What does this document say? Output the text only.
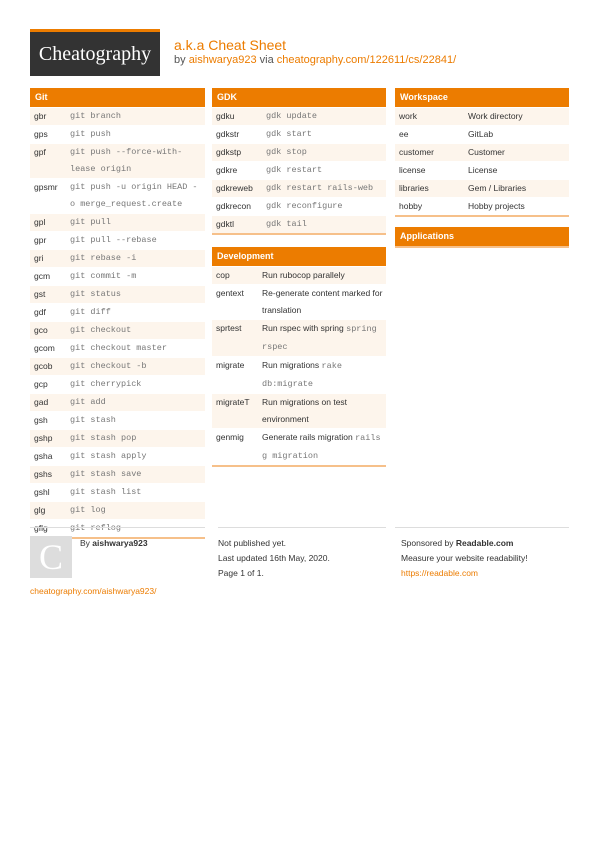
Cheatography	a.k.a Cheat Sheet
by aishwarya923 via cheatography.com/122611/cs/22841/
Git
gbr	git branch
gps	git push
gpf	git push --force-with-lease origin
gpsmr	git push -u origin HEAD -o merge_request.create
gpl	git pull
gpr	git pull --rebase
gri	git rebase -i
gcm	git commit -m
gst	git status
gdf	git diff
gco	git checkout
gcom	git checkout master
gcob	git checkout -b
gcp	git cherrypick
gad	git add
gsh	git stash
gshp	git stash pop
gsha	git stash apply
gshs	git stash save
gshl	git stash list
glg	git log
gflg	git reflog
GDK
gdku	gdk update
gdkstr	gdk start
gdkstp	gdk stop
gdkre	gdk restart
gdkreweb	gdk restart rails-web
gdkrecon	gdk reconfigure
gdktl	gdk tail
Development
cop	Run rubocop parallely
gentext	Re-generate content marked for translation
sprtest	Run rspec with spring spring rspec
migrate	Run migrations rake db:migrate
migrateT	Run migrations on test environment
genmig	Generate rails migration rails g migration
Workspace
work	Work directory
ee	GitLab
customer	Customer
license	License
libraries	Gem / Libraries
hobby	Hobby projects
Applications
C	By aishwarya923
cheatography.com/aishwarya923/
Not published yet.
Last updated 16th May, 2020.
Page 1 of 1.
Sponsored by Readable.com
Measure your website readability!
https://readable.com
